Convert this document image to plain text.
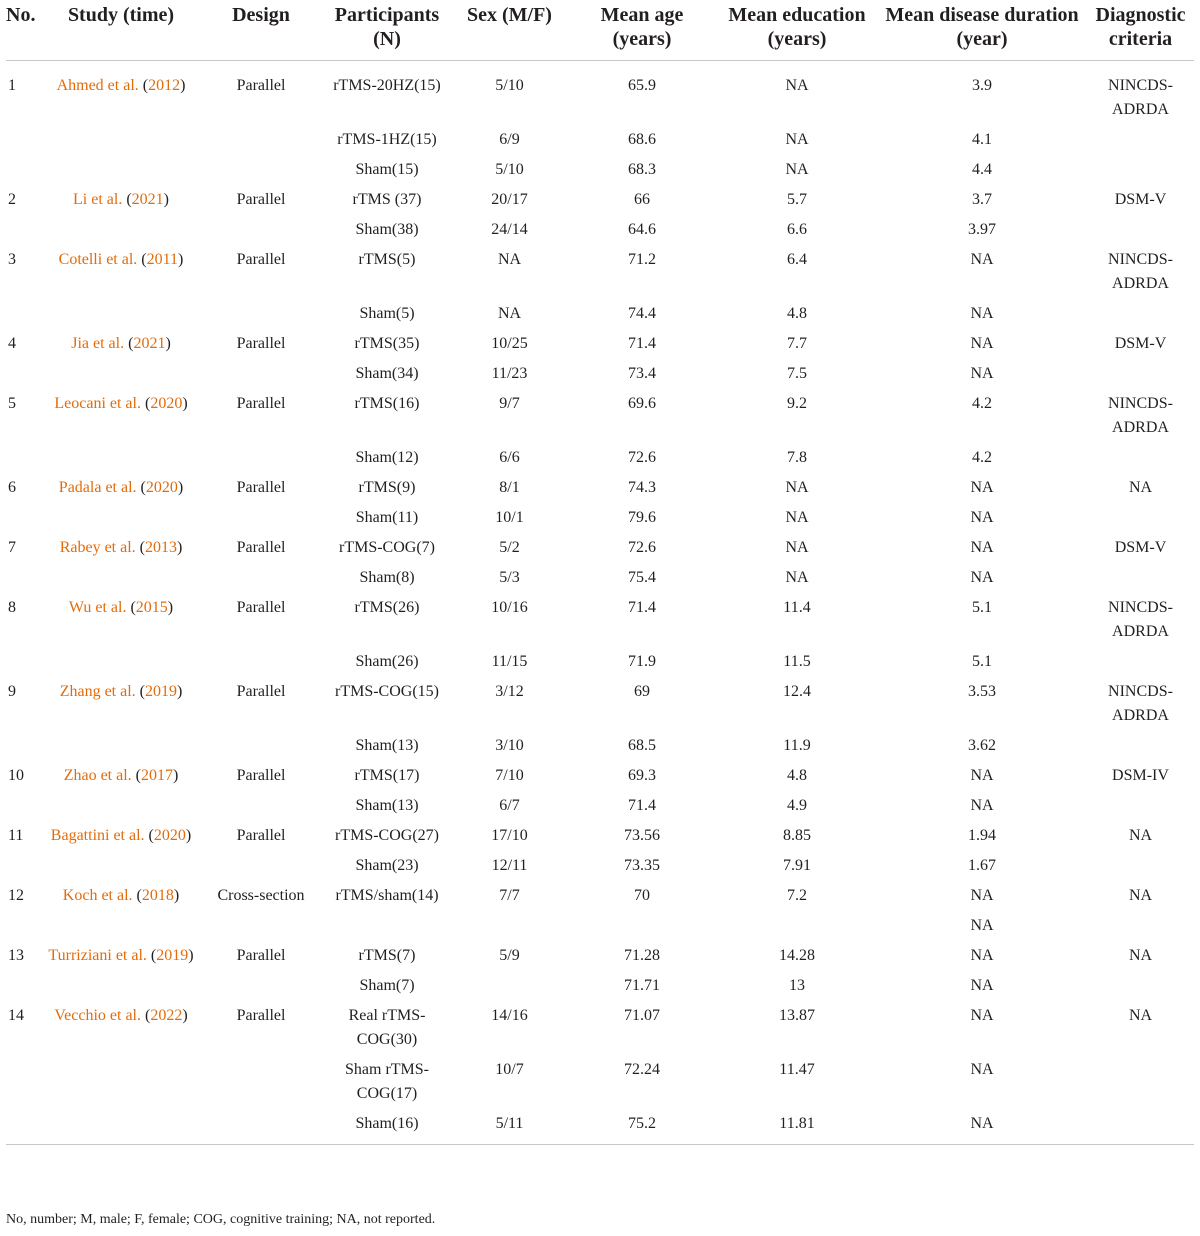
No.	Study (time)	Design	Participants (N)	Sex (M/F)	Mean age (years)	Mean education (years)	Mean disease duration (year)	Diagnostic criteria
1	Ahmed et al. (2012)	Parallel	rTMS-20HZ(15)	5/10	65.9	NA	3.9	NINCDS-ADRDA
			rTMS-1HZ(15)	6/9	68.6	NA	4.1	
			Sham(15)	5/10	68.3	NA	4.4	
2	Li et al. (2021)	Parallel	rTMS (37)	20/17	66	5.7	3.7	DSM-V
			Sham(38)	24/14	64.6	6.6	3.97	
3	Cotelli et al. (2011)	Parallel	rTMS(5)	NA	71.2	6.4	NA	NINCDS-ADRDA
			Sham(5)	NA	74.4	4.8	NA	
4	Jia et al. (2021)	Parallel	rTMS(35)	10/25	71.4	7.7	NA	DSM-V
			Sham(34)	11/23	73.4	7.5	NA	
5	Leocani et al. (2020)	Parallel	rTMS(16)	9/7	69.6	9.2	4.2	NINCDS-ADRDA
			Sham(12)	6/6	72.6	7.8	4.2	
6	Padala et al. (2020)	Parallel	rTMS(9)	8/1	74.3	NA	NA	NA
			Sham(11)	10/1	79.6	NA	NA	
7	Rabey et al. (2013)	Parallel	rTMS-COG(7)	5/2	72.6	NA	NA	DSM-V
			Sham(8)	5/3	75.4	NA	NA	
8	Wu et al. (2015)	Parallel	rTMS(26)	10/16	71.4	11.4	5.1	NINCDS-ADRDA
			Sham(26)	11/15	71.9	11.5	5.1	
9	Zhang et al. (2019)	Parallel	rTMS-COG(15)	3/12	69	12.4	3.53	NINCDS-ADRDA
			Sham(13)	3/10	68.5	11.9	3.62	
10	Zhao et al. (2017)	Parallel	rTMS(17)	7/10	69.3	4.8	NA	DSM-IV
			Sham(13)	6/7	71.4	4.9	NA	
11	Bagattini et al. (2020)	Parallel	rTMS-COG(27)	17/10	73.56	8.85	1.94	NA
			Sham(23)	12/11	73.35	7.91	1.67	
12	Koch et al. (2018)	Cross-section	rTMS/sham(14)	7/7	70	7.2	NA	NA
							NA	
13	Turriziani et al. (2019)	Parallel	rTMS(7)	5/9	71.28	14.28	NA	NA
			Sham(7)		71.71	13	NA	
14	Vecchio et al. (2022)	Parallel	Real rTMS-COG(30)	14/16	71.07	13.87	NA	NA
			Sham rTMS-COG(17)	10/7	72.24	11.47	NA	
			Sham(16)	5/11	75.2	11.81	NA	
No, number; M, male; F, female; COG, cognitive training; NA, not reported.
